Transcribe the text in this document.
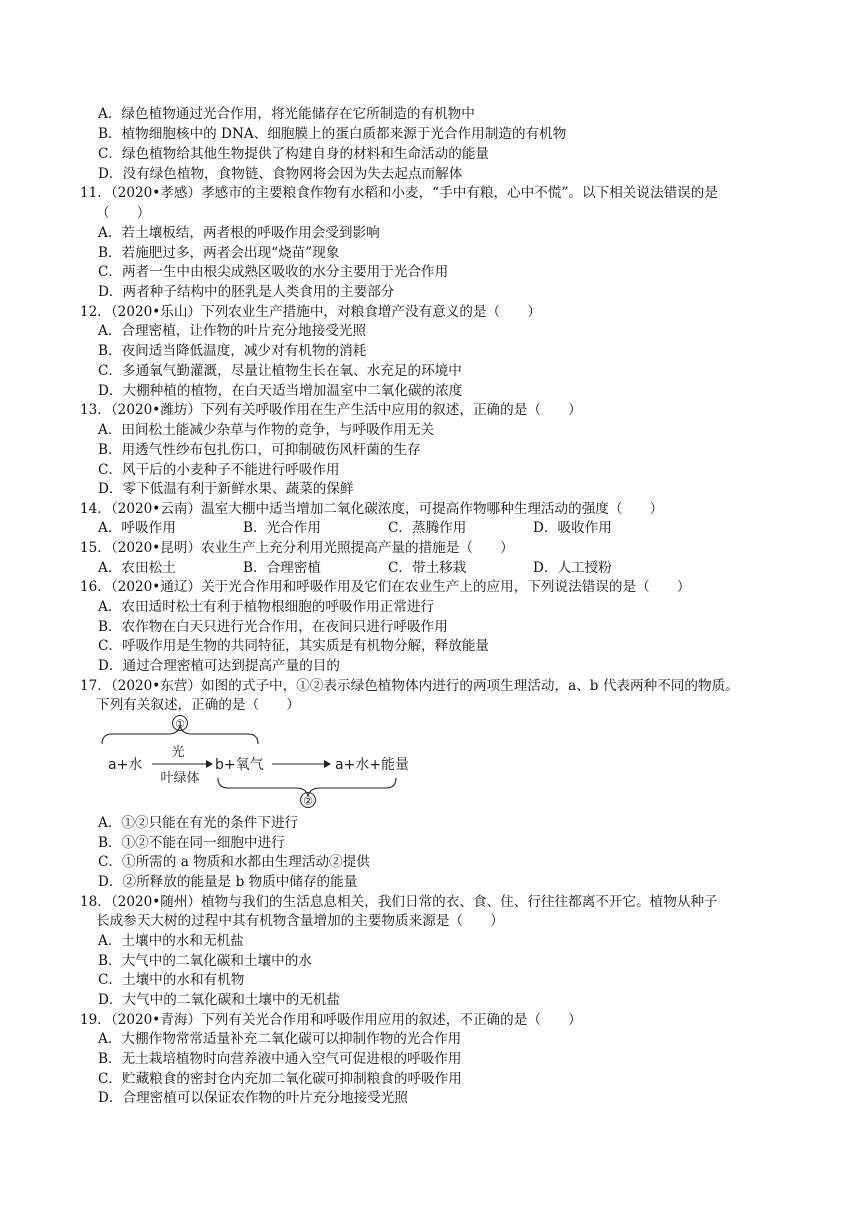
A．绿色植物通过光合作用，将光能储存在它所制造的有机物中
B．植物细胞核中的 DNA、细胞膜上的蛋白质都来源于光合作用制造的有机物
C．绿色植物给其他生物提供了构建自身的材料和生命活动的能量
D．没有绿色植物，食物链、食物网将会因为失去起点而解体
11．（2020•孝感）孝感市的主要粮食作物有水稻和小麦，“手中有粮，心中不慌”。以下相关说法错误的是
（　　）
A．若土壤板结，两者根的呼吸作用会受到影响
B．若施肥过多，两者会出现“烧苗”现象
C．两者一生中由根尖成熟区吸收的水分主要用于光合作用
D．两者种子结构中的胚乳是人类食用的主要部分
12．（2020•乐山）下列农业生产措施中，对粮食增产没有意义的是（　　）
A．合理密植，让作物的叶片充分地接受光照
B．夜间适当降低温度，减少对有机物的消耗
C．多通氧气勤灌溉，尽量让植物生长在氧、水充足的环境中
D．大棚种植的植物，在白天适当增加温室中二氧化碳的浓度
13．（2020•潍坊）下列有关呼吸作用在生产生活中应用的叙述，正确的是（　　）
A．田间松土能减少杂草与作物的竞争，与呼吸作用无关
B．用透气性纱布包扎伤口，可抑制破伤风杆菌的生存
C．风干后的小麦种子不能进行呼吸作用
D．零下低温有利于新鲜水果、蔬菜的保鲜
14．（2020•云南）温室大棚中适当增加二氧化碳浓度，可提高作物哪种生理活动的强度（　　）
A．呼吸作用	B．光合作用	C．蒸腾作用	D．吸收作用
15．（2020•昆明）农业生产上充分利用光照提高产量的措施是（　　）
A．农田松土	B．合理密植	C．带土移栽	D．人工授粉
16．（2020•通辽）关于光合作用和呼吸作用及它们在农业生产上的应用，下列说法错误的是（　　）
A．农田适时松土有利于植物根细胞的呼吸作用正常进行
B．农作物在白天只进行光合作用，在夜间只进行呼吸作用
C．呼吸作用是生物的共同特征，其实质是有机物分解，释放能量
D．通过合理密植可达到提高产量的目的
17．（2020•东营）如图的式子中，①②表示绿色植物体内进行的两项生理活动，a、b 代表两种不同的物质。
下列有关叙述，正确的是（　　）
①
a+水
光
叶绿体
b+氧气	a+水+能量
②
A．①②只能在有光的条件下进行
B．①②不能在同一细胞中进行
C．①所需的 a 物质和水都由生理活动②提供
D．②所释放的能量是 b 物质中储存的能量
18．（2020•随州）植物与我们的生活息息相关，我们日常的衣、食、住、行往往都离不开它。植物从种子
长成参天大树的过程中其有机物含量增加的主要物质来源是（　　）
A．土壤中的水和无机盐
B．大气中的二氧化碳和土壤中的水
C．土壤中的水和有机物
D．大气中的二氧化碳和土壤中的无机盐
19．（2020•青海）下列有关光合作用和呼吸作用应用的叙述，不正确的是（　　）
A．大棚作物常常适量补充二氧化碳可以抑制作物的光合作用
B．无土栽培植物时向营养液中通入空气可促进根的呼吸作用
C．贮藏粮食的密封仓内充加二氧化碳可抑制粮食的呼吸作用
D．合理密植可以保证农作物的叶片充分地接受光照
